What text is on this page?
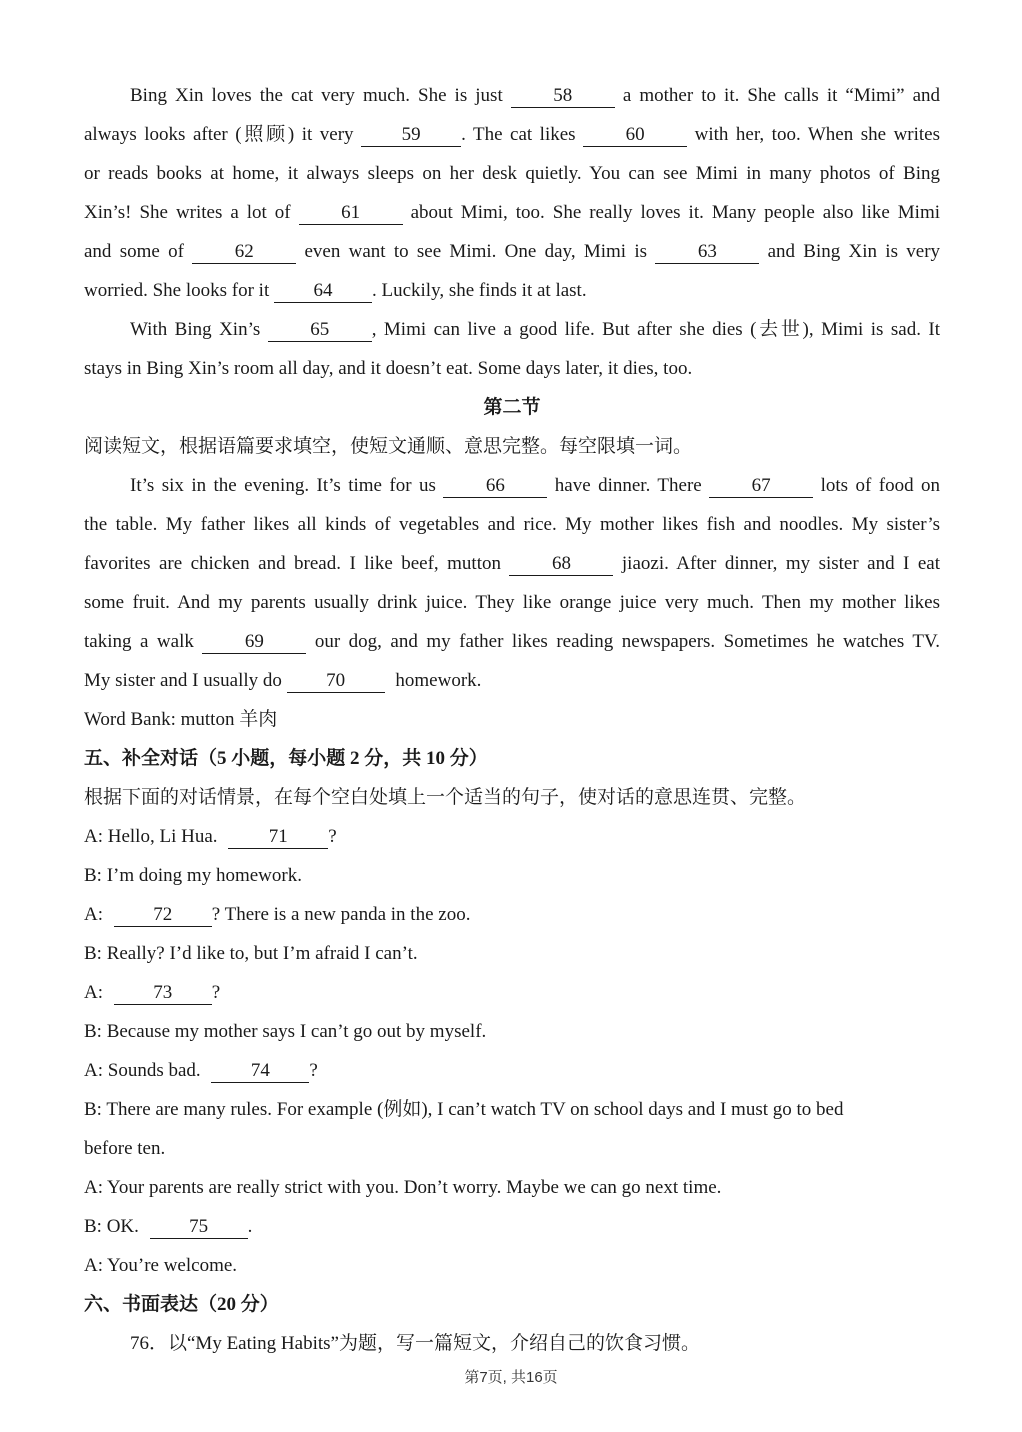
Bing Xin loves the cat very much. She is just	58	a mother to it. She calls it “Mimi” and
always looks after (照顾) it very	59 . The cat likes	60	with her, too. When she writes
or reads books at home, it always sleeps on her desk quietly. You can see Mimi in many photos of Bing
Xin’s! She writes a lot of	61	about Mimi, too. She really loves it. Many people also like Mimi
and some of	62	even want to see Mimi. One day, Mimi is	63	and Bing Xin is very
worried. She looks for it 64 . Luckily, she finds it at last.
With Bing Xin’s	65 , Mimi can live a good life. But after she dies (去世), Mimi is sad. It
stays in Bing Xin’s room all day, and it doesn’t eat. Some days later, it dies, too.
第二节
阅读短文，根据语篇要求填空，使短文通顺、意思完整。每空限填一词。
It’s six in the evening. It’s time for us	66	have dinner. There	67	lots of food on
the table. My father likes all kinds of vegetables and rice. My mother likes fish and noodles. My sister’s
favorites are chicken and bread. I like beef, mutton	68	jiaozi. After dinner, my sister and I eat
some fruit. And my parents usually drink juice. They like orange juice very much. Then my mother likes
taking a walk	69	our dog, and my father likes reading newspapers. Sometimes he watches TV.
My sister and I usually do 70	homework.
Word Bank: mutton 羊肉
五、补全对话（5 小题，每小题 2 分，共 10 分）
根据下面的对话情景，在每个空白处填上一个适当的句子，使对话的意思连贯、完整。
A: Hello, Li Hua.	71 ?
B: I’m doing my homework.
A:	72 ? There is a new panda in the zoo.
B: Really? I’d like to, but I’m afraid I can’t.
A:	73 ?
B: Because my mother says I can’t go out by myself.
A: Sounds bad.	74 ?
B: There are many rules. For example (例如), I can’t watch TV on school days and I must go to bed
before ten.
A: Your parents are really strict with you. Don’t worry. Maybe we can go next time.
B: OK.	75 .
A: You’re welcome.
六、书面表达（20 分）
76．以“My Eating Habits”为题，写一篇短文，介绍自己的饮食习惯。
第7页, 共16页
